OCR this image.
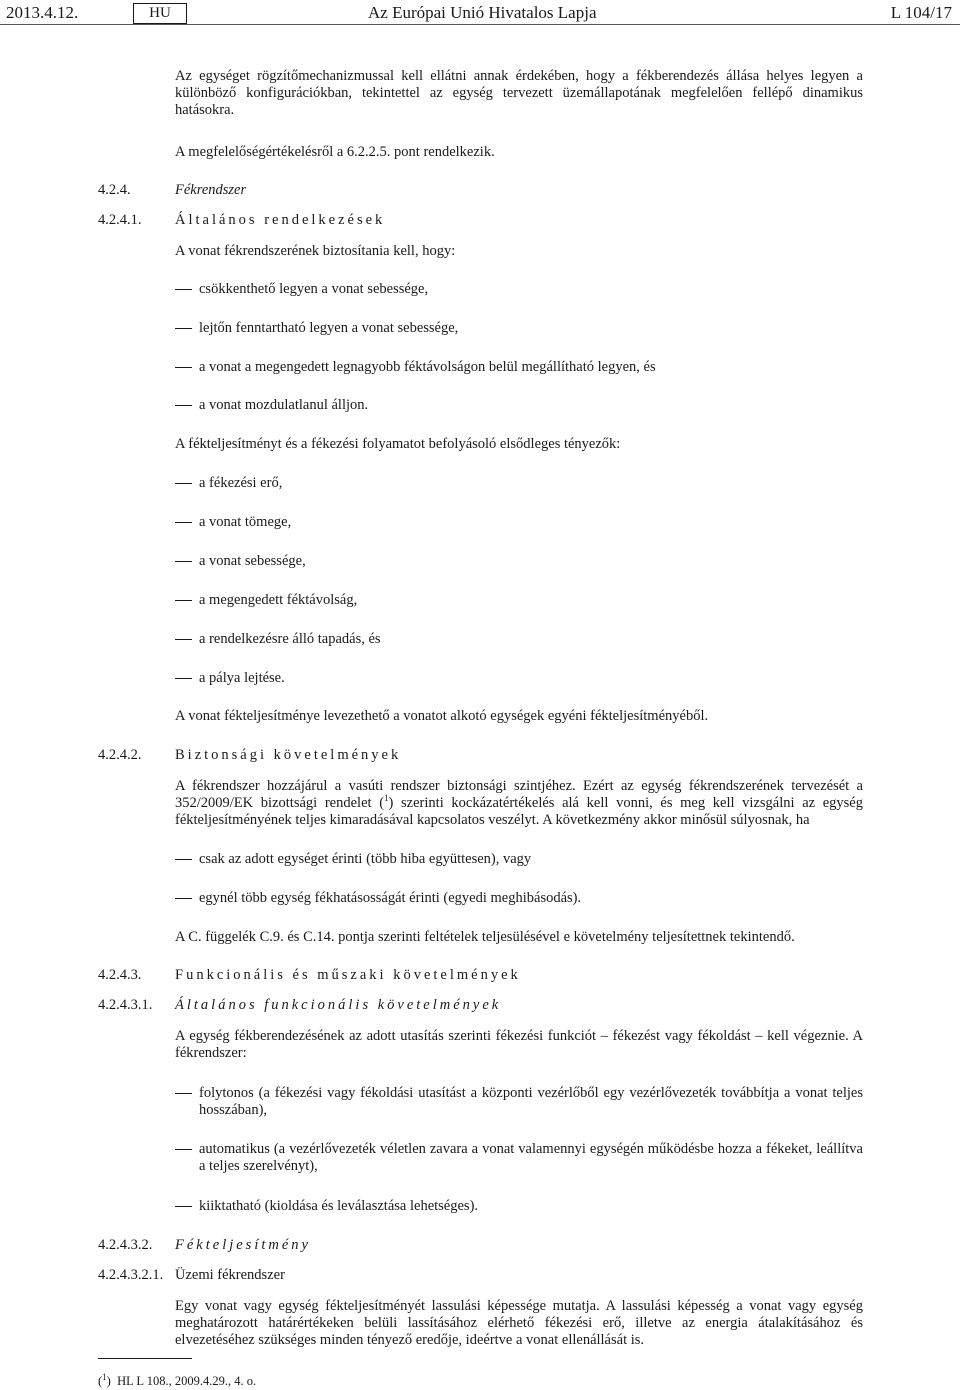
2013.4.12.	HU	Az Európai Unió Hivatalos Lapja	L 104/17
Az egységet rögzítőmechanizmussal kell ellátni annak érdekében, hogy a fékberendezés állása helyes legyen a különböző konfigurációkban, tekintettel az egység tervezett üzemállapotának megfelelően fellépő dinamikus hatásokra.
A megfelelőségértékelésről a 6.2.2.5. pont rendelkezik.
4.2.4.	Fékrendszer
4.2.4.1. Általános rendelkezések
A vonat fékrendszerének biztosítania kell, hogy:
csökkenthető legyen a vonat sebessége,
lejtőn fenntartható legyen a vonat sebessége,
a vonat a megengedett legnagyobb féktávolságon belül megállítható legyen, és
a vonat mozdulatlanul álljon.
A fékteljesítményt és a fékezési folyamatot befolyásoló elsődleges tényezők:
a fékezési erő,
a vonat tömege,
a vonat sebessége,
a megengedett féktávolság,
a rendelkezésre álló tapadás, és
a pálya lejtése.
A vonat fékteljesítménye levezethető a vonatot alkotó egységek egyéni fékteljesítményéből.
4.2.4.2. Biztonsági követelmények
A fékrendszer hozzájárul a vasúti rendszer biztonsági szintjéhez. Ezért az egység fékrendszerének tervezését a 352/2009/EK bizottsági rendelet ($^1$) szerinti kockázatértékelés alá kell vonni, és meg kell vizsgálni az egység fékteljesítményének teljes kimaradásával kapcsolatos veszélyt. A következmény akkor minősül súlyosnak, ha
csak az adott egységet érinti (több hiba együttesen), vagy
egynél több egység fékhatásosságát érinti (egyedi meghibásodás).
A C. függelék C.9. és C.14. pontja szerinti feltételek teljesülésével e követelmény teljesítettnek tekintendő.
4.2.4.3. Funkcionális és műszaki követelmények
4.2.4.3.1. Általános funkcionális követelmények
A egység fékberendezésének az adott utasítás szerinti fékezési funkciót – fékezést vagy fékoldást – kell végeznie. A fékrendszer:
folytonos (a fékezési vagy fékoldási utasítást a központi vezérlőből egy vezérlővezeték továbbítja a vonat teljes hosszában),
automatikus (a vezérlővezeték véletlen zavara a vonat valamennyi egységén működésbe hozza a fékeket, leállítva a teljes szerelvényt),
kiiktatható (kioldása és leválasztása lehetséges).
4.2.4.3.2. Fékteljesítmény
4.2.4.3.2.1. Üzemi fékrendszer
Egy vonat vagy egység fékteljesítményét lassulási képessége mutatja. A lassulási képesség a vonat vagy egység meghatározott határértékeken belüli lassításához elérhető fékezési erő, illetve az energia átalakításához és elvezetéséhez szükséges minden tényező eredője, ideértve a vonat ellenállását is.
($^1$)  HL L 108., 2009.4.29., 4. o.
